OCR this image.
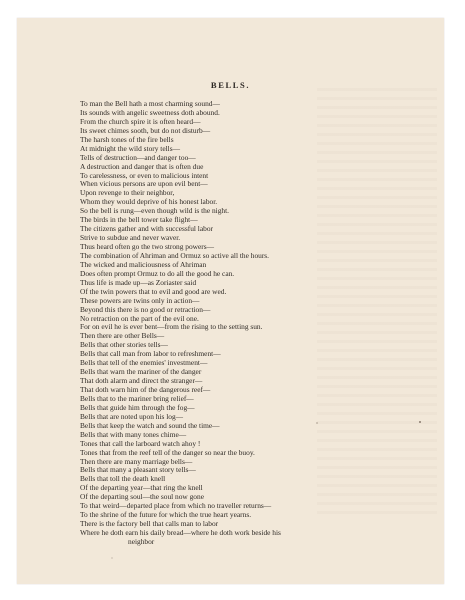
BELLS.
To man the Bell hath a most charming sound—
Its sounds with angelic sweetness doth abound.
From the church spire it is often heard—
Its sweet chimes sooth, but do not disturb—
The harsh tones of the fire bells
At midnight the wild story tells—
Tells of destruction—and danger too—
A destruction and danger that is often due
To carelessness, or even to malicious intent
When vicious persons are upon evil bent—
Upon revenge to their neighbor,
Whom they would deprive of his honest labor.
So the bell is rung—even though wild is the night.
The birds in the bell tower take flight—
The citizens gather and with successful labor
Strive to subdue and never waver.
Thus heard often go the two strong powers—
The combination of Ahriman and Ormuz so active all the hours.
The wicked and maliciousness of Ahriman
Does often prompt Ormuz to do all the good he can.
Thus life is made up—as Zoriaster said
Of the twin powers that to evil and good are wed.
These powers are twins only in action—
Beyond this there is no good or retraction—
No retraction on the part of the evil one.
For on evil he is ever bent—from the rising to the setting sun.
Then there are other Bells—
Bells that other stories tells—
Bells that call man from labor to refreshment—
Bells that tell of the enemies' investment—
Bells that warn the mariner of the danger
That doth alarm and direct the stranger—
That doth warn him of the dangerous reef—
Bells that to the mariner bring relief—
Bells that guide him through the fog—
Bells that are noted upon his log—
Bells that keep the watch and sound the time—
Bells that with many tones chime—
Tones that call the larboard watch ahoy !
Tones that from the reef tell of the danger so near the buoy.
Then there are many marriage bells—
Bells that many a pleasant story tells—
Bells that toll the death knell
Of the departing year—that ring the knell
Of the departing soul—the soul now gone
To that weird—departed place from which no traveller returns—
To the shrine of the future for which the true heart yearns.
There is the factory bell that calls man to labor
Where he doth earn his daily bread—where he doth work beside his
neighbor
